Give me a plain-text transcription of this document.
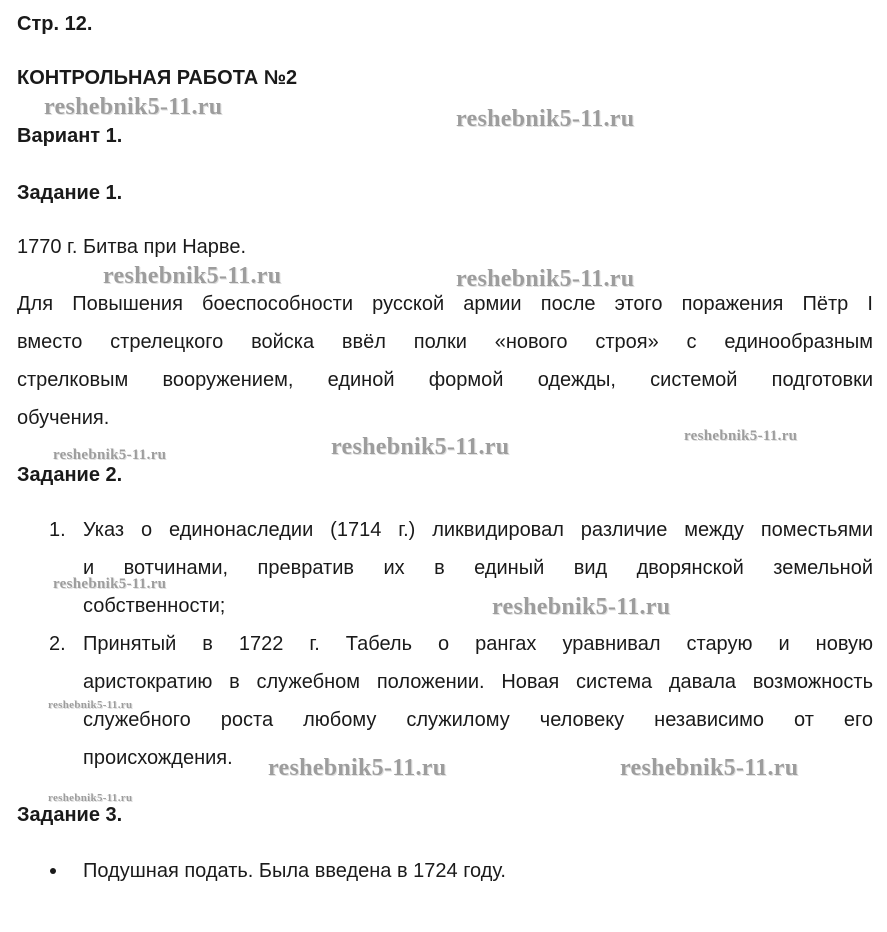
Стр. 12.
КОНТРОЛЬНАЯ РАБОТА №2
Вариант 1.
Задание 1.
1770 г. Битва при Нарве.
Для Повышения боеспособности русской армии после этого поражения Пётр I
вместо стрелецкого войска ввёл полки «нового строя» с единообразным
стрелковым вооружением, единой формой одежды, системой подготовки
обучения.
Задание 2.
1. Указ о единонаследии (1714 г.) ликвидировал различие между поместьями
и вотчинами, превратив их в единый вид дворянской земельной
собственности;
2. Принятый в 1722 г. Табель о рангах уравнивал старую и новую
аристократию в служебном положении. Новая система давала возможность
служебного роста любому служилому человеку независимо от его
происхождения.
Задание 3.
Подушная подать. Была введена в 1724 году.
reshebnik5-11.ru	reshebnik5-11.ru
reshebnik5-11.ru	reshebnik5-11.ru
reshebnik5-11.ru	reshebnik5-11.ru
reshebnik5-11.ru
reshebnik5-11.ru
reshebnik5-11.ru
reshebnik5-11.ru
reshebnik5-11.ru	reshebnik5-11.ru
reshebnik5-11.ru
